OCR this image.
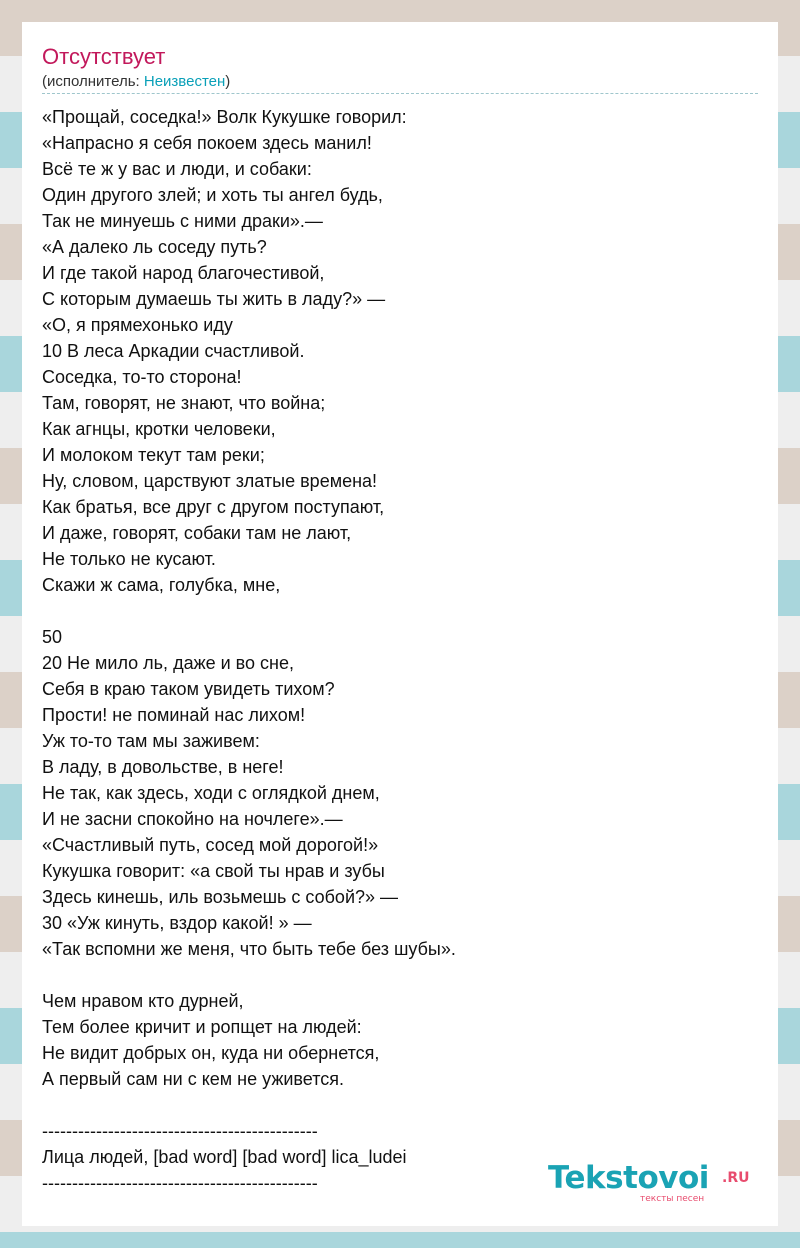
Отсутствует
(исполнитель: Неизвестен)
«Прощай, соседка!» Волк Кукушке говорил:
«Напрасно я себя покоем здесь манил!
Всё те ж у вас и люди, и собаки:
Один другого злей; и хоть ты ангел будь,
Так не минуешь с ними драки».—
«А далеко ль соседу путь?
И где такой народ благочестивой,
С которым думаешь ты жить в ладу?» —
«О, я прямехонько иду
10 В леса Аркадии счастливой.
Соседка, то-то сторона!
Там, говорят, не знают, что война;
Как агнцы, кротки человеки,
И молоком текут там реки;
Ну, словом, царствуют златые времена!
Как братья, все друг с другом поступают,
И даже, говорят, собаки там не лают,
Не только не кусают.
Скажи ж сама, голубка, мне,
50
20 Не мило ль, даже и во сне,
Себя в краю таком увидеть тихом?
Прости! не поминай нас лихом!
Уж то-то там мы заживем:
В ладу, в довольстве, в неге!
Не так, как здесь, ходи с оглядкой днем,
И не засни спокойно на ночлеге».—
«Счастливый путь, сосед мой дорогой!»
Кукушка говорит: «а свой ты нрав и зубы
Здесь кинешь, иль возьмешь с собой?» —
30 «Уж кинуть, вздор какой! » —
«Так вспомни же меня, что быть тебе без шубы».
Чем нравом кто дурней,
Тем более кричит и ропщет на людей:
Не видит добрых он, куда ни обернется,
А первый сам ни с кем не уживется.
----------------------------------------------
Лица людей, [bad word] [bad word] lica_ludei
----------------------------------------------	Tekstovoi .RU
тексты песен
